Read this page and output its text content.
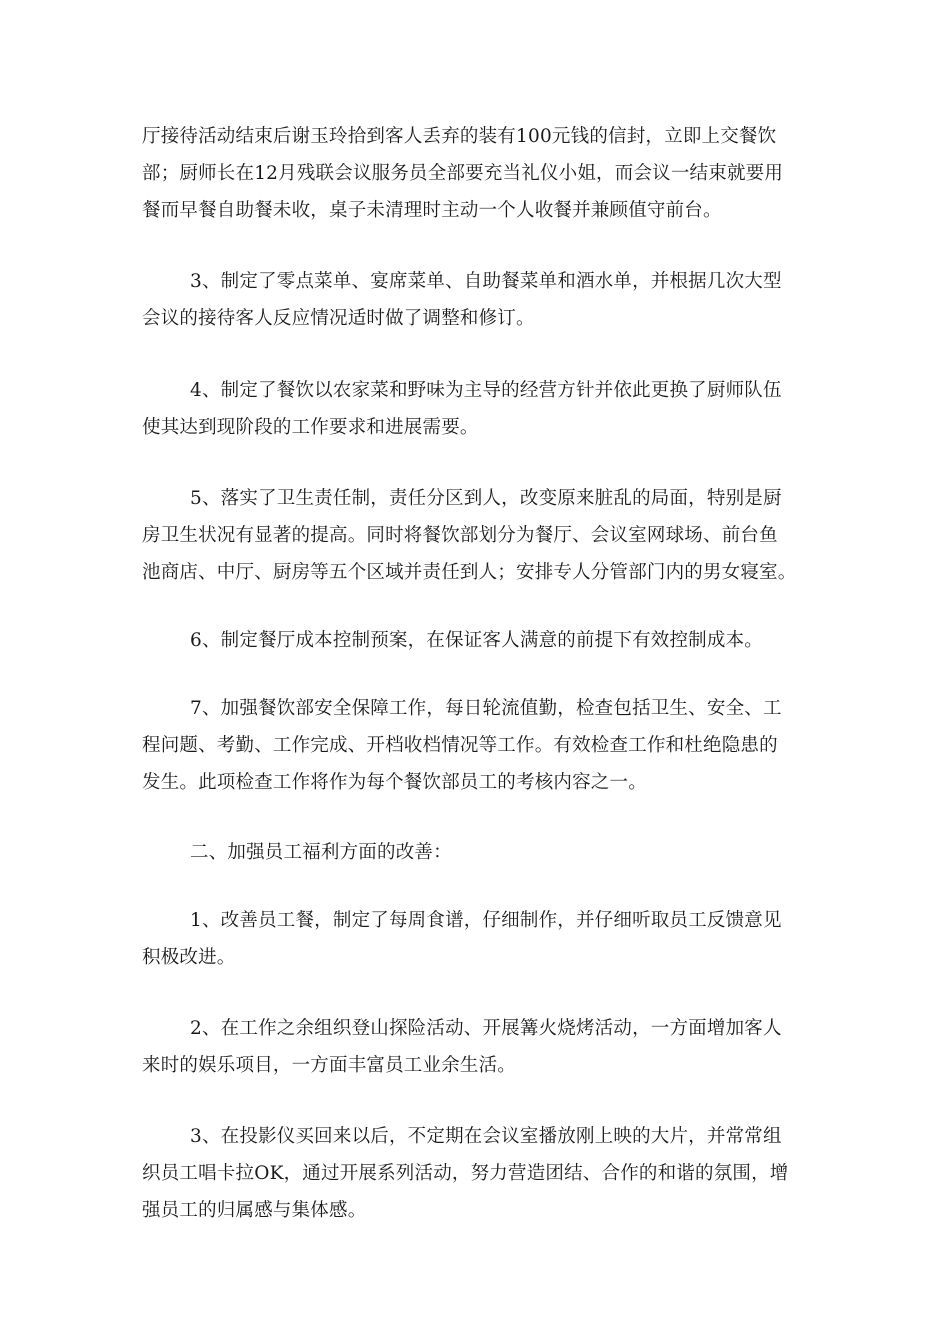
厅接待活动结束后谢玉玲拾到客人丢弃的装有100元钱的信封，立即上交餐饮
部；厨师长在12月残联会议服务员全部要充当礼仪小姐，而会议一结束就要用
餐而早餐自助餐未收，桌子未清理时主动一个人收餐并兼顾值守前台。

3、制定了零点菜单、宴席菜单、自助餐菜单和酒水单，并根据几次大型
会议的接待客人反应情况适时做了调整和修订。

4、制定了餐饮以农家菜和野味为主导的经营方针并依此更换了厨师队伍
使其达到现阶段的工作要求和进展需要。

5、落实了卫生责任制，责任分区到人，改变原来脏乱的局面，特别是厨
房卫生状况有显著的提高。同时将餐饮部划分为餐厅、会议室网球场、前台鱼
池商店、中厅、厨房等五个区域并责任到人；安排专人分管部门内的男女寝室。

6、制定餐厅成本控制预案，在保证客人满意的前提下有效控制成本。

7、加强餐饮部安全保障工作，每日轮流值勤，检查包括卫生、安全、工
程问题、考勤、工作完成、开档收档情况等工作。有效检查工作和杜绝隐患的
发生。此项检查工作将作为每个餐饮部员工的考核内容之一。

二、加强员工福利方面的改善：

1、改善员工餐，制定了每周食谱，仔细制作，并仔细听取员工反馈意见
积极改进。

2、在工作之余组织登山探险活动、开展篝火烧烤活动，一方面增加客人
来时的娱乐项目，一方面丰富员工业余生活。

3、在投影仪买回来以后，不定期在会议室播放刚上映的大片，并常常组
织员工唱卡拉OK，通过开展系列活动，努力营造团结、合作的和谐的氛围，增
强员工的归属感与集体感。
